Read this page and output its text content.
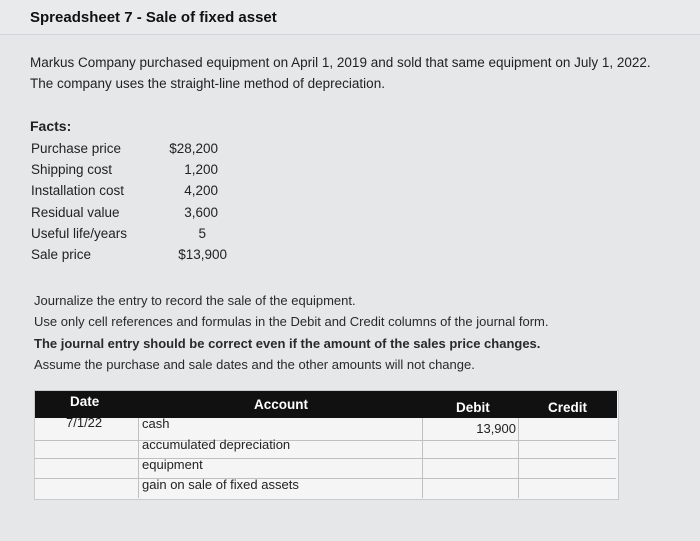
Spreadsheet 7 - Sale of fixed asset
Markus Company purchased equipment on April 1, 2019 and sold that same equipment on July 1, 2022.
The company uses the straight-line method of depreciation.
Facts:
Purchase price	$28,200
Shipping cost	1,200
Installation cost	4,200
Residual value	3,600
Useful life/years	5
Sale price	$13,900
Journalize the entry to record the sale of the equipment.
Use only cell references and formulas in the Debit and Credit columns of the journal form.
The journal entry should be correct even if the amount of the sales price changes.
Assume the purchase and sale dates and the other amounts will not change.
Date	Account	Debit	Credit
7/1/22	cash	13,900
accumulated depreciation
equipment
gain on sale of fixed assets
